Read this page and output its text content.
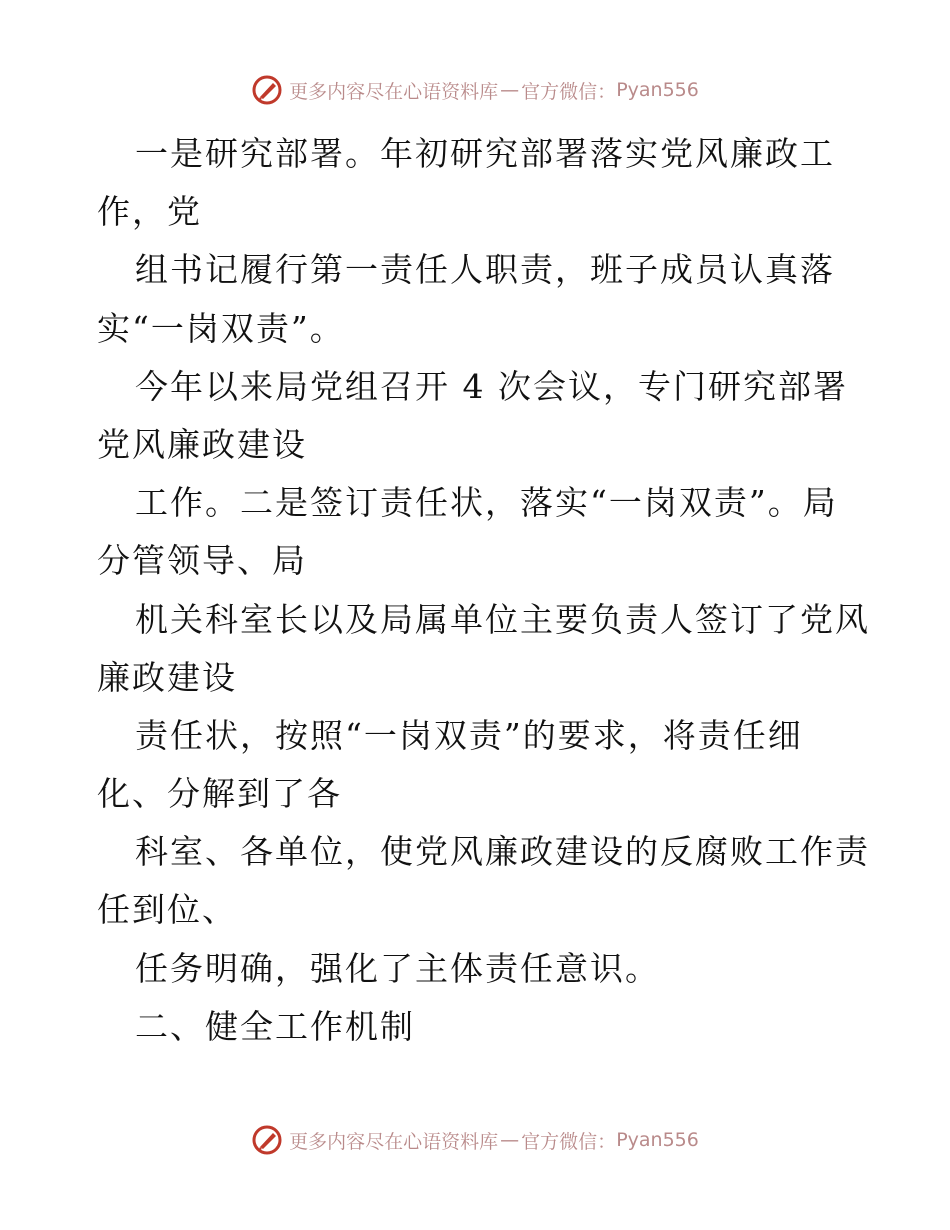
更多内容尽在心语资料库 — 官方微信： Pyan556
一是研究部署。年初研究部署落实党风廉政工
作，党
组书记履行第一责任人职责，班子成员认真落
实“一岗双责”。
今年以来局党组召开 4 次会议，专门研究部署
党风廉政建设
工作。二是签订责任状，落实“一岗双责”。局
分管领导、局
机关科室长以及局属单位主要负责人签订了党风
廉政建设
责任状，按照“一岗双责”的要求，将责任细
化、分解到了各
科室、各单位，使党风廉政建设的反腐败工作责
任到位、
任务明确，强化了主体责任意识。
二、健全工作机制
更多内容尽在心语资料库 — 官方微信： Pyan556
